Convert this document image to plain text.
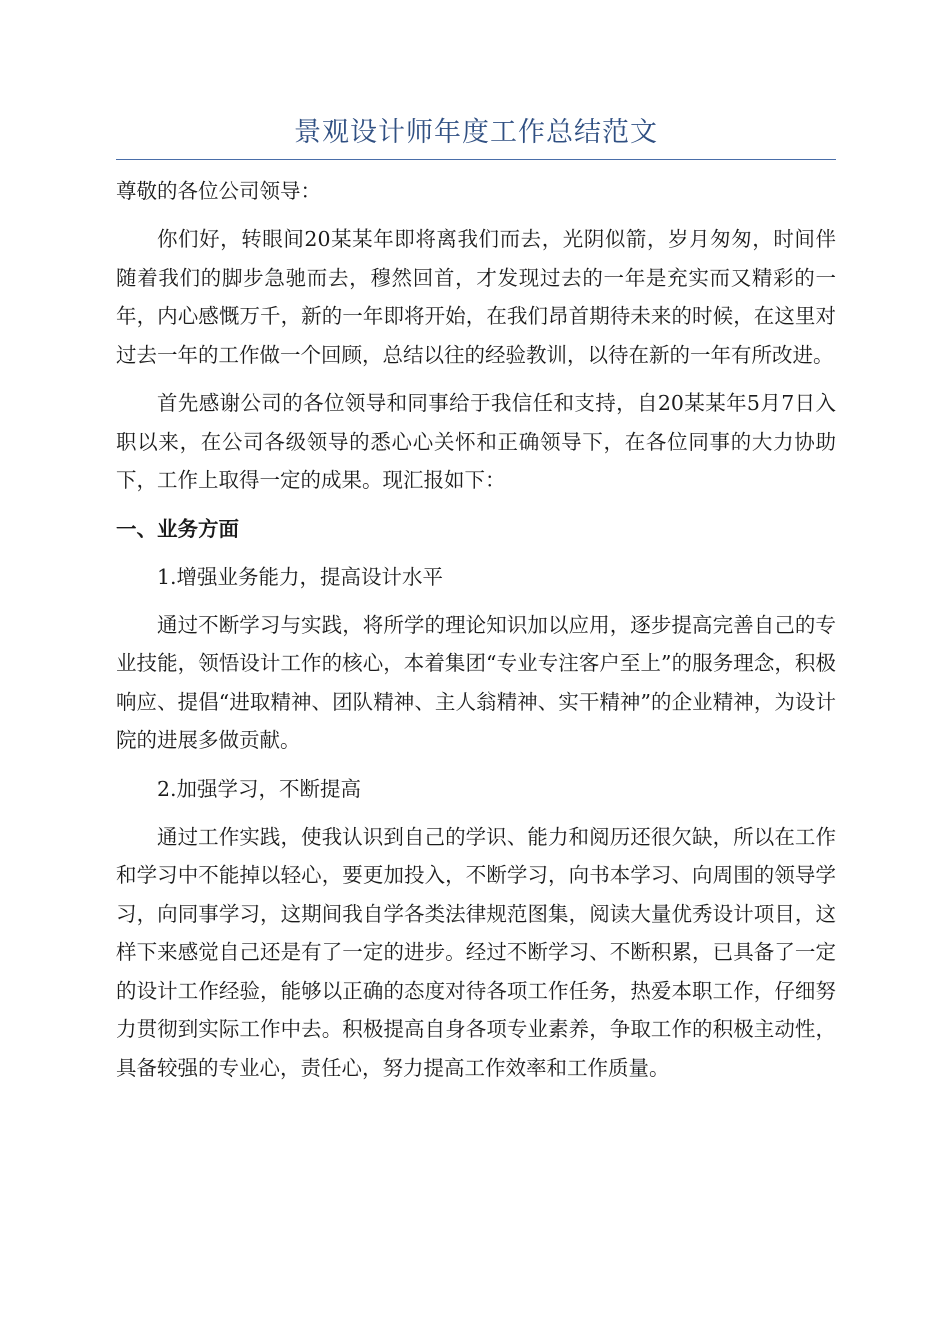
景观设计师年度工作总结范文
尊敬的各位公司领导：

你们好，转眼间20某某年即将离我们而去，光阴似箭，岁月匆匆，时间伴随着我们的脚步急驰而去，穆然回首，才发现过去的一年是充实而又精彩的一年，内心感慨万千，新的一年即将开始，在我们昂首期待未来的时候，在这里对过去一年的工作做一个回顾，总结以往的经验教训，以待在新的一年有所改进。

首先感谢公司的各位领导和同事给于我信任和支持，自20某某年5月7日入职以来，在公司各级领导的悉心心关怀和正确领导下，在各位同事的大力协助下，工作上取得一定的成果。现汇报如下：

一、业务方面
1.增强业务能力，提高设计水平

通过不断学习与实践，将所学的理论知识加以应用，逐步提高完善自己的专业技能，领悟设计工作的核心，本着集团“专业专注客户至上”的服务理念，积极响应、提倡“进取精神、团队精神、主人翁精神、实干精神”的企业精神，为设计院的进展多做贡献。

2.加强学习，不断提高

通过工作实践，使我认识到自己的学识、能力和阅历还很欠缺，所以在工作和学习中不能掉以轻心，要更加投入，不断学习，向书本学习、向周围的领导学习，向同事学习，这期间我自学各类法律规范图集，阅读大量优秀设计项目，这样下来感觉自己还是有了一定的进步。经过不断学习、不断积累，已具备了一定的设计工作经验，能够以正确的态度对待各项工作任务，热爱本职工作，仔细努力贯彻到实际工作中去。积极提高自身各项专业素养，争取工作的积极主动性，具备较强的专业心，责任心，努力提高工作效率和工作质量。
